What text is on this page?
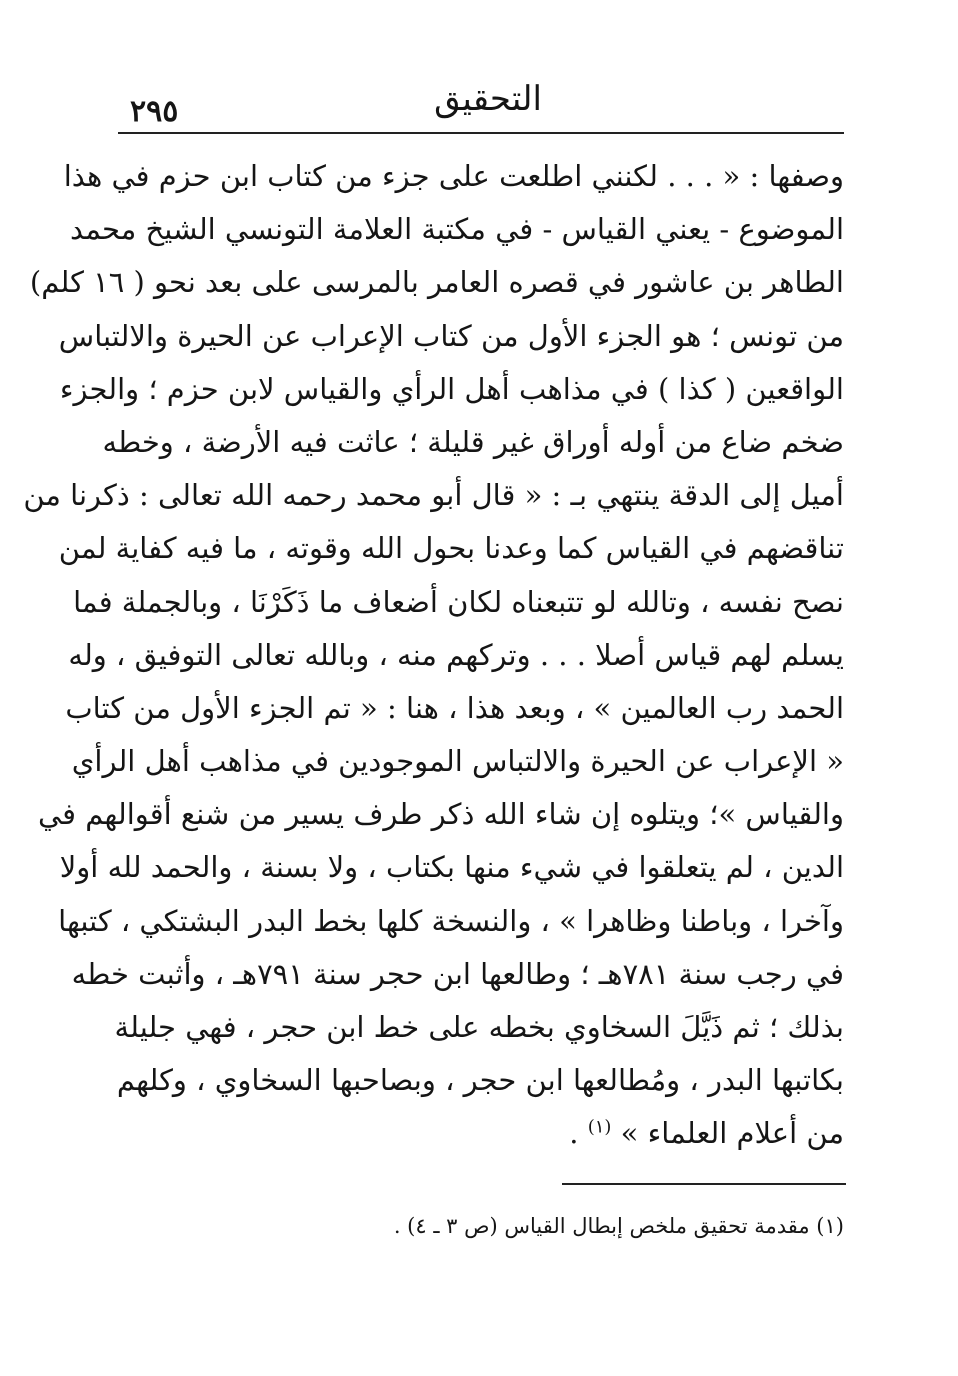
٢٩٥	التحقيق
وصفها : « . . . لكنني اطلعت على جزء من كتاب ابن حزم في هذا
الموضوع - يعني القياس - في مكتبة العلامة التونسي الشيخ محمد
الطاهر بن عاشور في قصره العامر بالمرسى على بعد نحو ( ١٦ كلم)
من تونس ؛ هو الجزء الأول من كتاب الإعراب عن الحيرة والالتباس
الواقعين ( كذا ) في مذاهب أهل الرأي والقياس لابن حزم ؛ والجزء
ضخم ضاع من أوله أوراق غير قليلة ؛ عاثت فيه الأرضة ، وخطه
أميل إلى الدقة ينتهي بـ : « قال أبو محمد رحمه الله تعالى : ذكرنا من
تناقضهم في القياس كما وعدنا بحول الله وقوته ، ما فيه كفاية لمن
نصح نفسه ، وتالله لو تتبعناه لكان أضعاف ما ذَكَرْنَا ، وبالجملة فما
يسلم لهم قياس أصلا . . . وتركهم منه ، وبالله تعالى التوفيق ، وله
الحمد رب العالمين » ، وبعد هذا ، هنا : « تم الجزء الأول من كتاب
« الإعراب عن الحيرة والالتباس الموجودين في مذاهب أهل الرأي
والقياس »؛ ويتلوه إن شاء الله ذكر طرف يسير من شنع أقوالهم في
الدين ، لم يتعلقوا في شيء منها بكتاب ، ولا بسنة ، والحمد لله أولا
وآخرا ، وباطنا وظاهرا » ، والنسخة كلها بخط البدر البشتكي ، كتبها
في رجب سنة ٧٨١هـ ؛ وطالعها ابن حجر سنة ٧٩١هـ ، وأثبت خطه
بذلك ؛ ثم ذَيَّلَ السخاوي بخطه على خط ابن حجر ، فهي جليلة
بكاتبها البدر ، ومُطالعها ابن حجر ، وبصاحبها السخاوي ، وكلهم
من أعلام العلماء » $^{(١)}$ .
(١) مقدمة تحقيق ملخص إبطال القياس (ص ٣ ـ ٤) .
